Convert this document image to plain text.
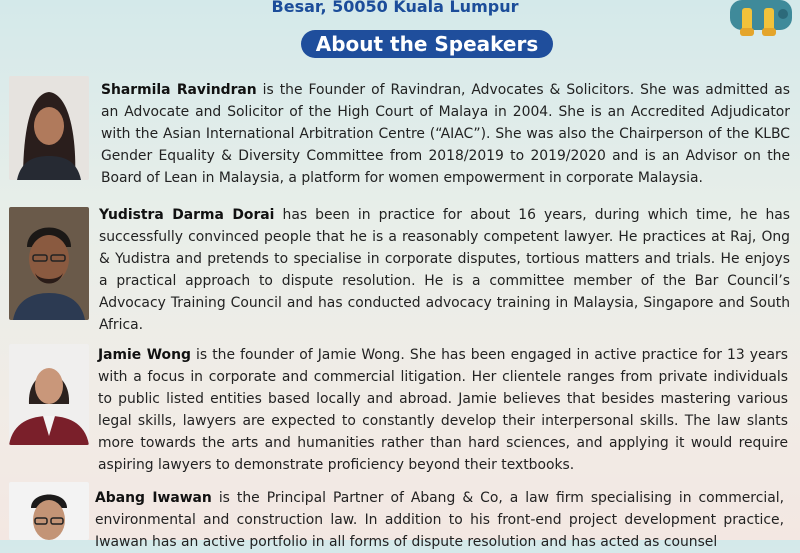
Besar, 50050 Kuala Lumpur
About the Speakers

Sharmila Ravindran is the Founder of Ravindran, Advocates & Solicitors. She was admitted as an Advocate and Solicitor of the High Court of Malaya in 2004. She is an Accredited Adjudicator with the Asian International Arbitration Centre (“AIAC”). She was also the Chairperson of the KLBC Gender Equality & Diversity Committee from 2018/2019 to 2019/2020 and is an Advisor on the Board of Lean in Malaysia, a platform for women empowerment in corporate Malaysia.

Yudistra Darma Dorai has been in practice for about 16 years, during which time, he has successfully convinced people that he is a reasonably competent lawyer. He practices at Raj, Ong & Yudistra and pretends to specialise in corporate disputes, tortious matters and trials. He enjoys a practical approach to dispute resolution. He is a committee member of the Bar Council’s Advocacy Training Council and has conducted advocacy training in Malaysia, Singapore and South Africa.

Jamie Wong is the founder of Jamie Wong. She has been engaged in active practice for 13 years with a focus in corporate and commercial litigation. Her clientele ranges from private individuals to public listed entities based locally and abroad. Jamie believes that besides mastering various legal skills, lawyers are expected to constantly develop their interpersonal skills. The law slants more towards the arts and humanities rather than hard sciences, and applying it would require aspiring lawyers to demonstrate proficiency beyond their textbooks.

Abang Iwawan is the Principal Partner of Abang & Co, a law firm specialising in commercial, environmental and construction law. In addition to his front-end project development practice, Iwawan has an active portfolio in all forms of dispute resolution and has acted as counsel
